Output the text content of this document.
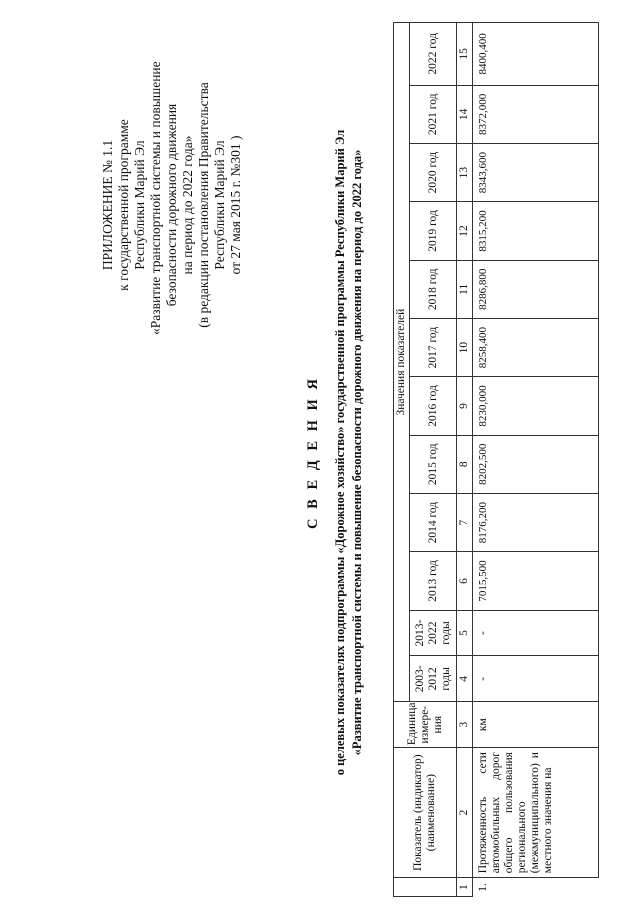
ПРИЛОЖЕНИЕ № 1.1 к государственной программе Республики Марий Эл «Развитие транспортной системы и повышение безопасности дорожного движения на период до 2022 года» (в редакции постановления Правительства Республики Марий Эл от 27 мая 2015 г. №301 )
С В Е Д Е Н И Я о целевых показателях подпрограммы «Дорожное хозяйство» государственной программы Республики Марий Эл «Развитие транспортной системы и повышение безопасности дорожного движения на период до 2022 года»
	Показатель (индикатор) (наименование)	Единица измере-ния	Значения показателей											
			2003-2012 годы	2013-2022 годы	2013 год	2014 год	2015 год	2016 год	2017 год	2018 год	2019 год	2020 год	2021 год	2022 год
1	2	3	4	5	6	7	8	9	10	11	12	13	14	15
1.	Протяженность сети автомобильных дорог общего пользования регионального (межмуниципального) и местного значения на	км	-	-	7015,500	8176,200	8202,500	8230,000	8258,400	8286,800	8315,200	8343,600	8372,000	8400,400
